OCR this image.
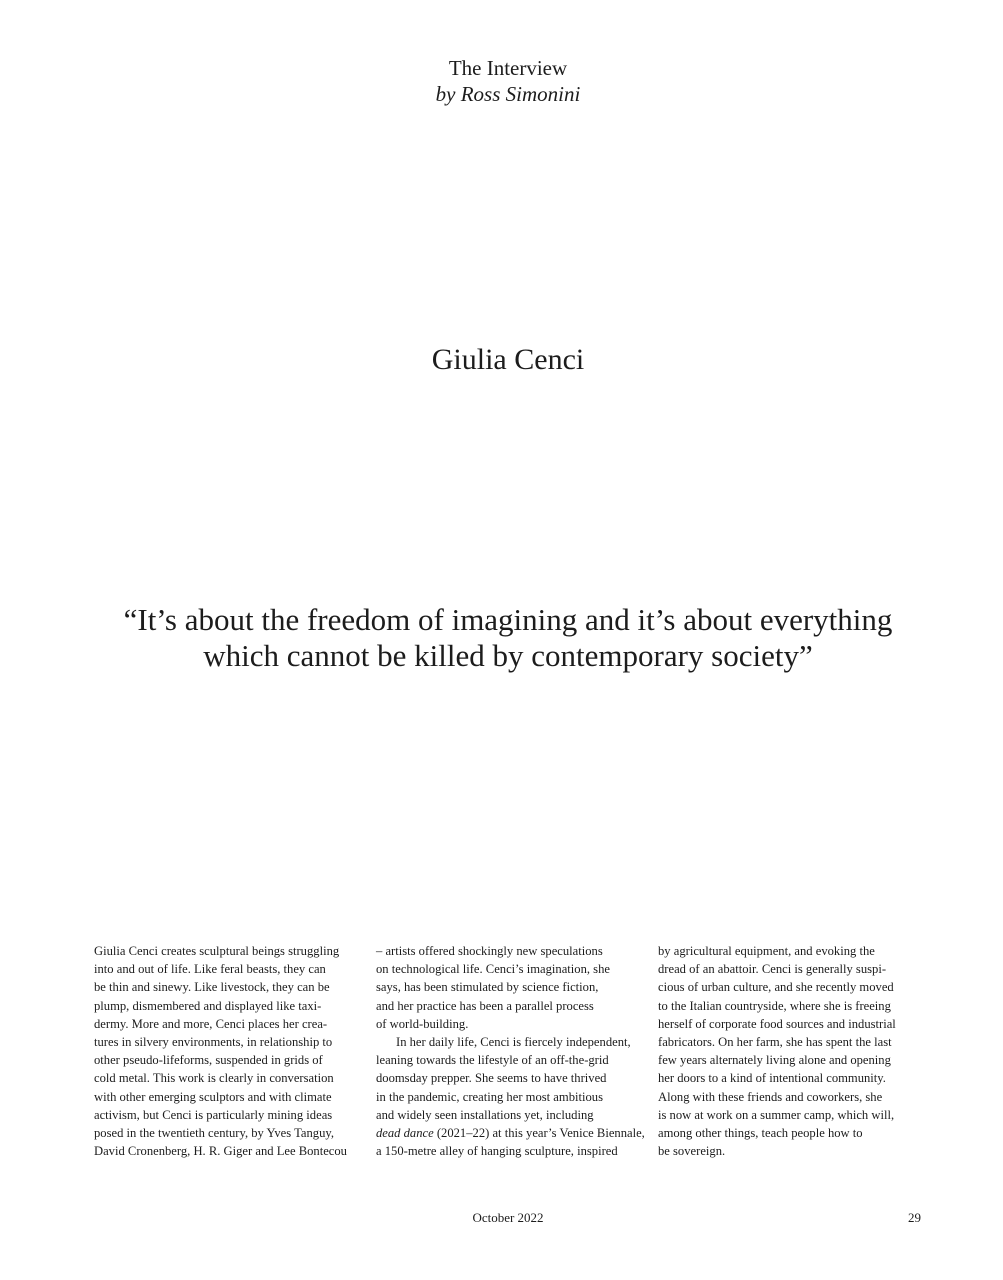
The Interview
by Ross Simonini
Giulia Cenci
“It’s about the freedom of imagining and it’s about everything
which cannot be killed by contemporary society”
Giulia Cenci creates sculptural beings struggling
into and out of life. Like feral beasts, they can
be thin and sinewy. Like livestock, they can be
plump, dismembered and displayed like taxi-
dermy. More and more, Cenci places her crea-
tures in silvery environments, in relationship to
other pseudo-lifeforms, suspended in grids of
cold metal. This work is clearly in conversation
with other emerging sculptors and with climate
activism, but Cenci is particularly mining ideas
posed in the twentieth century, by Yves Tanguy,
David Cronenberg, H. R. Giger and Lee Bontecou
– artists offered shockingly new speculations
on technological life. Cenci’s imagination, she
says, has been stimulated by science fiction,
and her practice has been a parallel process
of world-building.
In her daily life, Cenci is fiercely independent,
leaning towards the lifestyle of an off-the-grid
doomsday prepper. She seems to have thrived
in the pandemic, creating her most ambitious
and widely seen installations yet, including
dead dance (2021–22) at this year’s Venice Biennale,
a 150-metre alley of hanging sculpture, inspired
by agricultural equipment, and evoking the
dread of an abattoir. Cenci is generally suspi-
cious of urban culture, and she recently moved
to the Italian countryside, where she is freeing
herself of corporate food sources and industrial
fabricators. On her farm, she has spent the last
few years alternately living alone and opening
her doors to a kind of intentional community.
Along with these friends and coworkers, she
is now at work on a summer camp, which will,
among other things, teach people how to
be sovereign.
October 2022	29
